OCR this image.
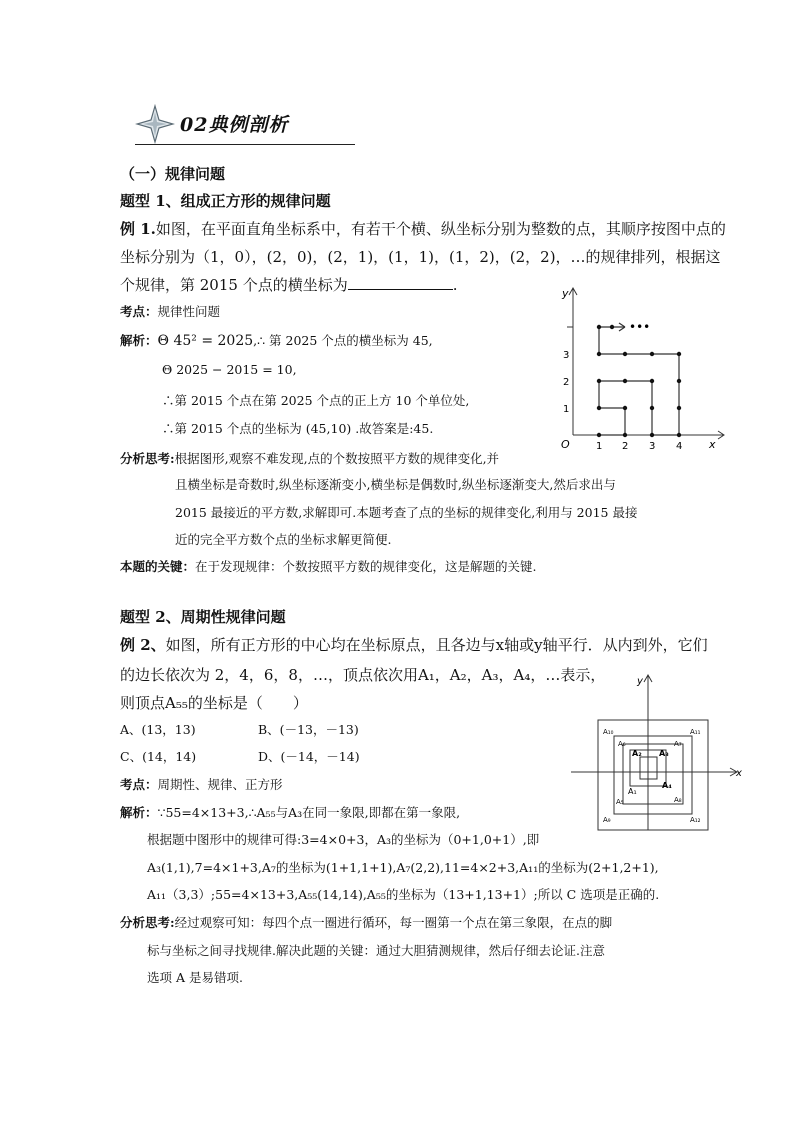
02典例剖析
（一）规律问题
题型 1、组成正方形的规律问题
例 1.如图，在平面直角坐标系中，有若干个横、纵坐标分别为整数的点，其顺序按图中点的
坐标分别为（1，0），(2，0)，(2，1)，(1，1)，(1，2)，(2，2)，…的规律排列，根据这
个规律，第 2015 个点的横坐标为	.
考点：规律性问题
解析：Θ 45² = 2025,∴ 第 2025 个点的横坐标为 45,
Θ 2025 − 2015 = 10,
∴第 2015 个点在第 2025 个点的正上方 10 个单位处,
∴第 2015 个点的坐标为 (45,10) .故答案是:45.
分析思考:根据图形,观察不难发现,点的个数按照平方数的规律变化,并
且横坐标是奇数时,纵坐标逐渐变小,横坐标是偶数时,纵坐标逐渐变大,然后求出与
2015 最接近的平方数,求解即可.本题考查了点的坐标的规律变化,利用与 2015 最接
近的完全平方数个点的坐标求解更简便.
本题的关键：在于发现规律：个数按照平方数的规律变化，这是解题的关键.
•••
y
x
O	1 2 3 4
1
2
3
题型 2、周期性规律问题
例 2、如图，所有正方形的中心均在坐标原点，且各边与x轴或y轴平行．从内到外，它们
的边长依次为 2，4，6，8，…，顶点依次用A₁，A₂，A₃，A₄，…表示，
则顶点A₅₅的坐标是（　　）
A、(13，13)	B、(－13，－13)
C、(14，14)	D、(－14，－14)
考点：周期性、规律、正方形
解析：∵55=4×13+3,∴A₅₅与A₃在同一象限,即都在第一象限,
根据题中图形中的规律可得:3=4×0+3，A₃的坐标为（0+1,0+1）,即
A₃(1,1),7=4×1+3,A₇的坐标为(1+1,1+1),A₇(2,2),11=4×2+3,A₁₁的坐标为(2+1,2+1),
A₁₁（3,3）;55=4×13+3,A₅₅(14,14),A₅₅的坐标为（13+1,13+1）;所以 C 选项是正确的.
分析思考:经过观察可知：每四个点一圈进行循环，每一圈第一个点在第三象限，在点的脚
标与坐标之间寻找规律.解决此题的关键：通过大胆猜测规律，然后仔细去论证.注意
选项 A 是易错项.
y
x
A₁₀	A₁₁
A₆	A₇
A₂ A₃
A₁
A₄
A₅	A₈
A₉	A₁₂
